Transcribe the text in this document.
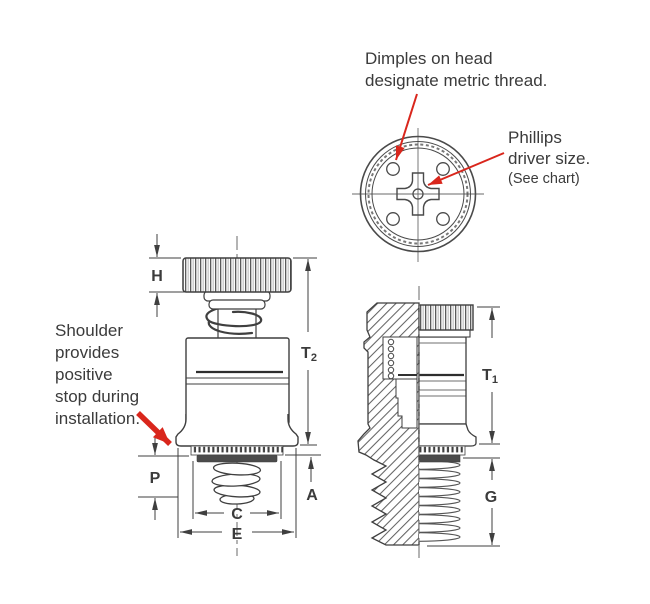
Dimples on head
designate metric thread.
Phillips
driver size.
(See chart)
H
T2
P
A
C
E
Shoulder
provides
positive
stop during
installation.
T1
G
